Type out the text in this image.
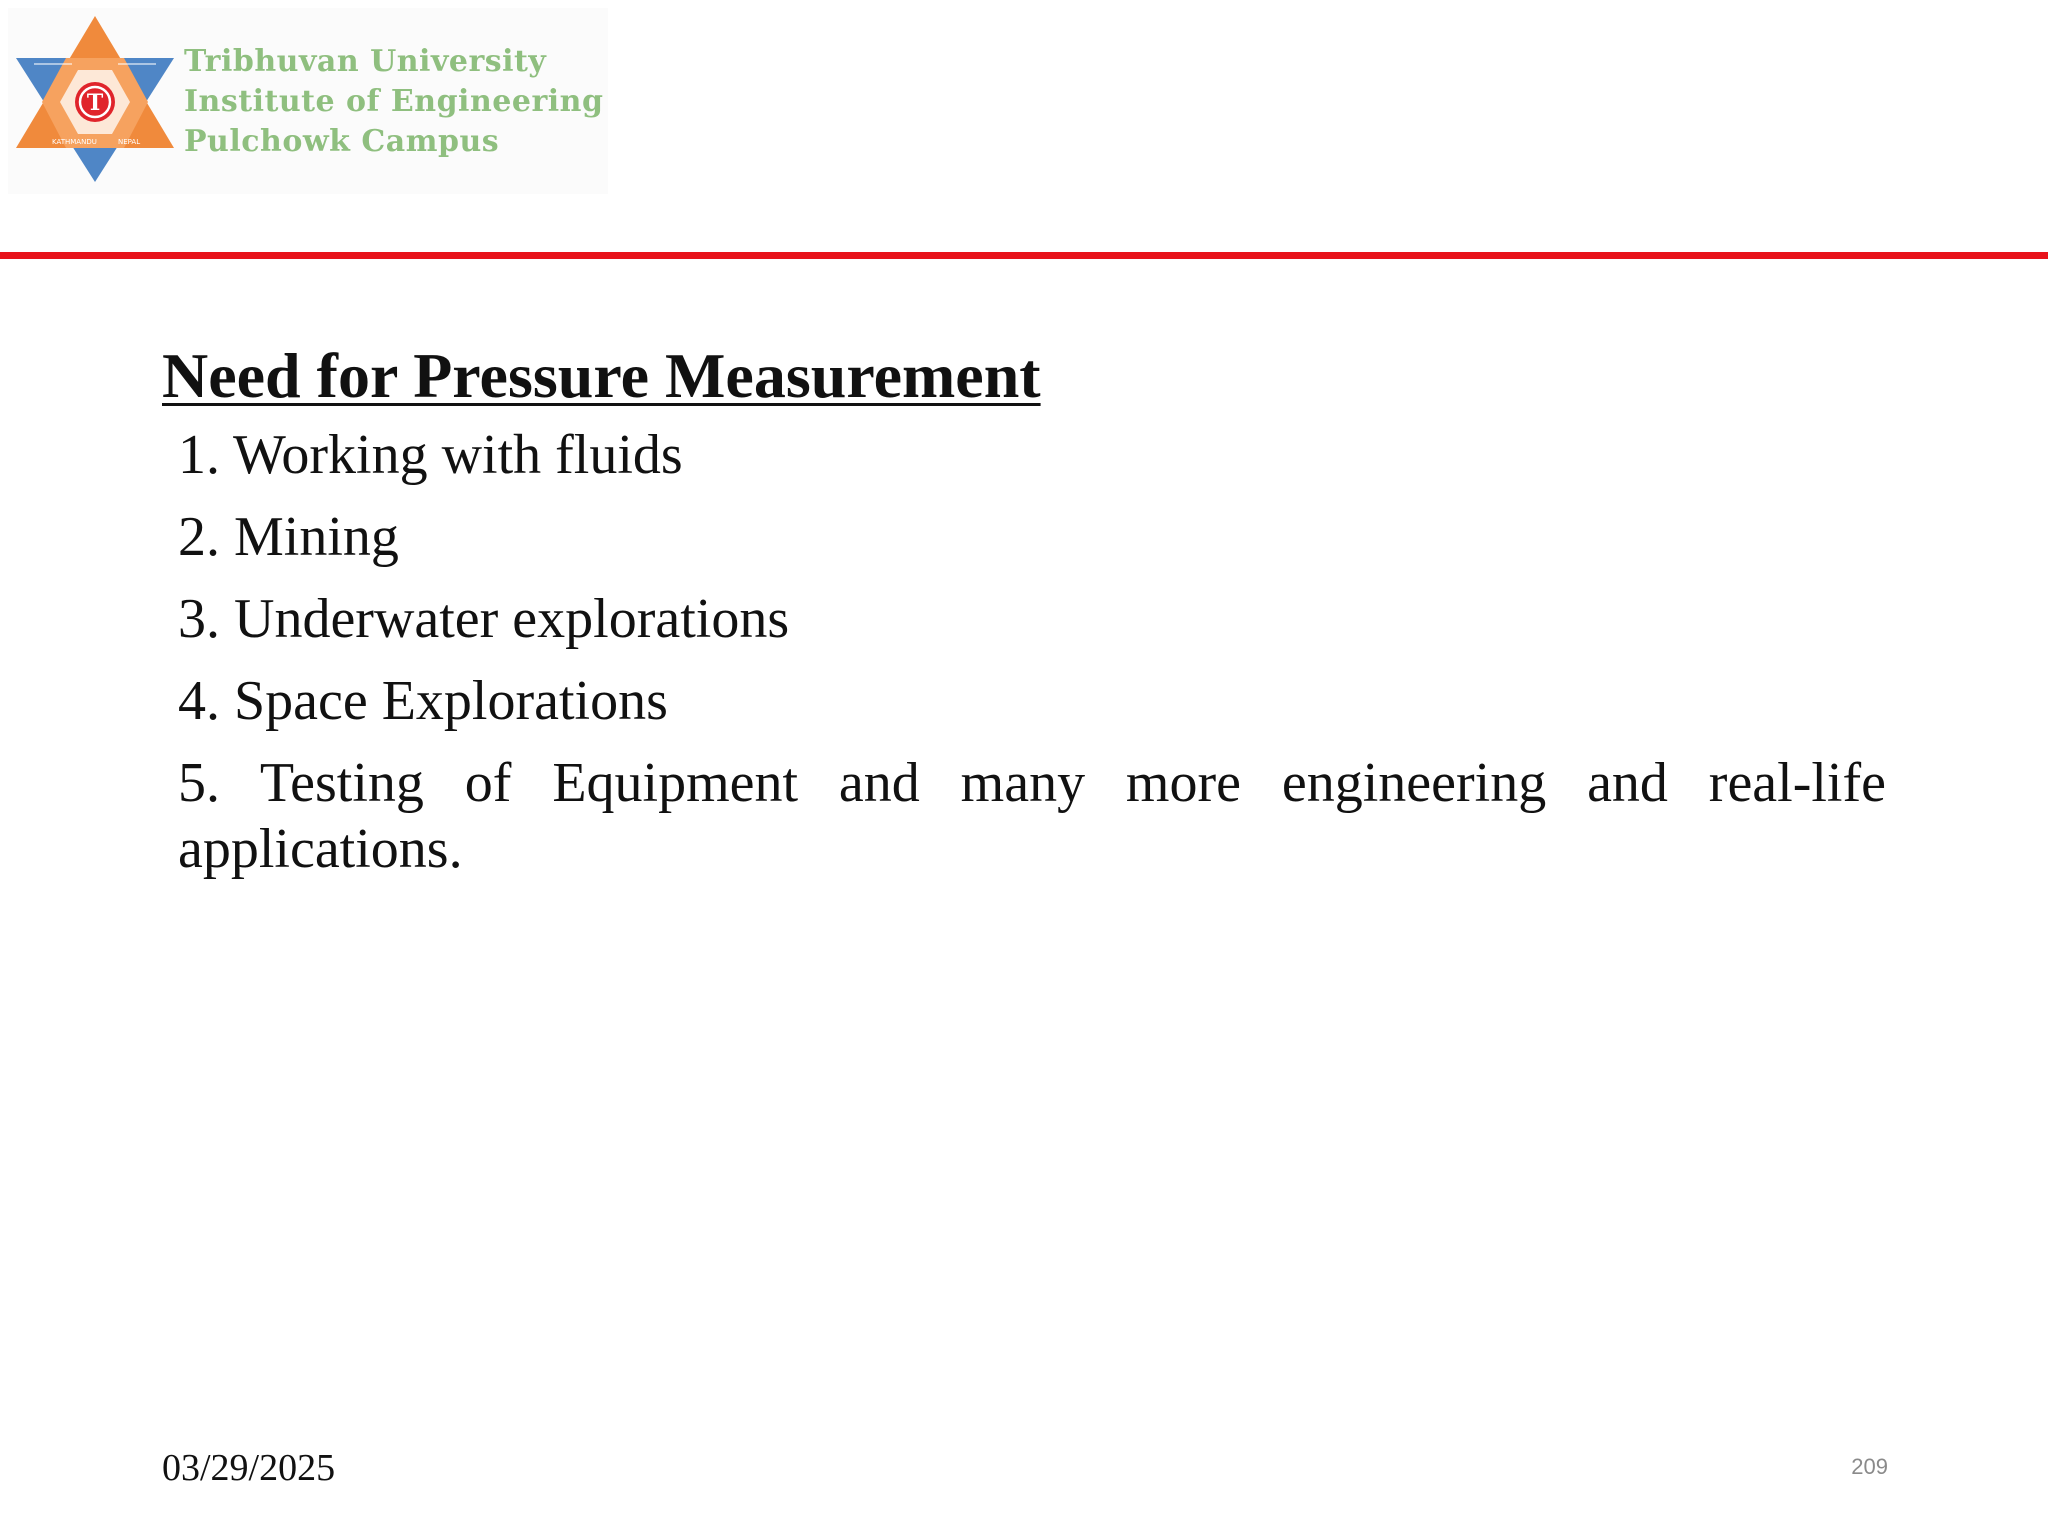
T
KATHMANDU	NEPAL
Tribhuvan University
Institute of Engineering
Pulchowk Campus
Need for Pressure Measurement
1. Working with fluids
2. Mining
3. Underwater explorations
4. Space Explorations
5. Testing of Equipment and many more engineering and real-life applications.
03/29/2025	209
